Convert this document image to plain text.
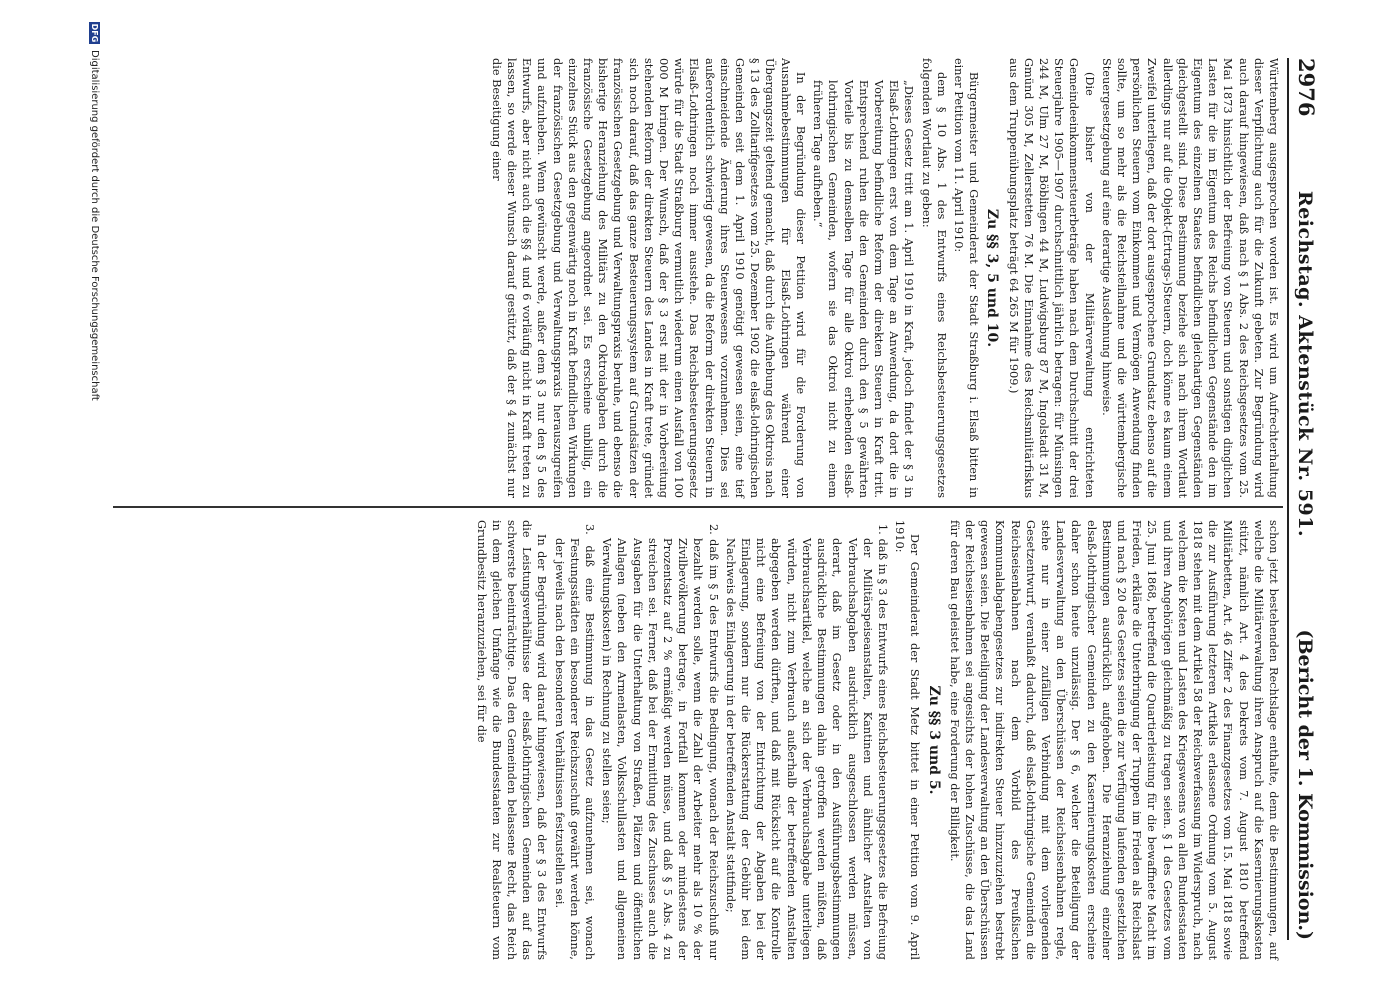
2976
Reichstag. Aktenstück Nr. 591.
(Bericht der 1. Kommission.)

Württemberg ausgesprochen worden ist. Es wird um Aufrechterhaltung dieser Verpflichtung auch für die Zukunft gebeten. Zur Begründung wird auch darauf hingewiesen, daß nach § 1 Abs. 2 des Reichsgesetzes vom 25. Mai 1873 hinsichtlich der Befreiung von Steuern und sonstigen dinglichen Lasten für die im Eigentum des Reichs befindlichen Gegenstände den im Eigentum des einzelnen Staates befindlichen gleichartigen Gegenständen gleichgestellt sind. Diese Bestimmung beziehe sich nach ihrem Wortlaut allerdings nur auf die Objekt-(Ertrags-)Steuern, doch könne es kaum einem Zweifel unterliegen, daß der dort ausgesprochene Grundsatz ebenso auf die persönlichen Steuern vom Einkommen und Vermögen Anwendung finden sollte, um so mehr als die Reichsteilnahme und die württembergische Steuergesetzgebung auf eine derartige Ausdehnung hinweise.

(Die bisher von der Militärverwaltung entrichteten Gemeindeeinkommensteuerbeträge haben nach dem Durchschnitt der drei Steuerjahre 1905—1907 durchschnittlich jährlich betragen: für Münsingen 244 M, Ulm 27 M, Böblingen 44 M, Ludwigsburg 87 M, Ingolstadt 31 M, Gmünd 305 M, Zellerstetten 76 M. Die Einnahme des Reichsmilitärfiskus aus dem Truppenübungsplatz beträgt 64 265 M für 1909.)

Zu §§ 3, 5 und 10.

Bürgermeister und Gemeinderat der Stadt Straßburg i. Elsaß bitten in einer Petition vom 11. April 1910:

dem § 10 Abs. 1 des Entwurfs eines Reichsbesteuerungsgesetzes folgenden Wortlaut zu geben:

„Dieses Gesetz tritt am 1. April 1910 in Kraft, jedoch findet der § 3 in Elsaß-Lothringen erst von dem Tage an Anwendung, da dort die in Vorbereitung befindliche Reform der direkten Steuern in Kraft tritt. Entsprechend ruhen die den Gemeinden durch den § 5 gewährten Vorteile bis zu demselben Tage für alle Oktroi erhebenden elsaß-lothringischen Gemeinden, wofern sie das Oktroi nicht zu einem früheren Tage aufheben.“

In der Begründung dieser Petition wird für die Forderung von Ausnahmebestimmungen für Elsaß-Lothringen während einer Übergangszeit geltend gemacht, daß durch die Aufhebung des Oktrois nach § 13 des Zolltarifgesetzes vom 25. Dezember 1902 die elsaß-lothringischen Gemeinden seit dem 1. April 1910 genötigt gewesen seien, eine tief einschneidende Änderung ihres Steuerwesens vorzunehmen. Dies sei außerordentlich schwierig gewesen, da die Reform der direkten Steuern in Elsaß-Lothringen noch immer ausstehe. Das Reichsbesteuerungsgesetz würde für die Stadt Straßburg vermutlich wiederum einen Ausfall von 100 000 M bringen. Der Wunsch, daß der § 3 erst mit der in Vorbereitung stehenden Reform der direkten Steuern des Landes in Kraft trete, gründet sich noch darauf, daß das ganze Besteuerungssystem auf Grundsätzen der französischen Gesetzgebung und Verwaltungspraxis beruhe, und ebenso die bisherige Heranziehung des Militärs zu den Oktroiabgaben durch die französische Gesetzgebung angeordnet sei. Es erscheine unbillig, ein einzelnes Stück aus den gegenwärtig noch in Kraft befindlichen Wirkungen der französischen Gesetzgebung und Verwaltungspraxis herauszugreifen und aufzuheben. Wenn gewünscht werde, außer dem § 3 nur den § 5 des Entwurfs, aber nicht auch die §§ 4 und 6 vorläufig nicht in Kraft treten zu lassen, so werde dieser Wunsch darauf gestützt, daß der § 4 zunächst nur die Beseitigung einer

schon jetzt bestehenden Rechtslage enthalte, denn die Bestimmungen, auf welche die Militärverwaltung ihren Anspruch auf die Kasernierungskosten stützt, nämlich Art. 4 des Dekrets vom 7. August 1810 betreffend Militärbetten, Art. 46 Ziffer 2 des Finanzgesetzes vom 15. Mai 1818 sowie die zur Ausführung letzteren Artikels erlassene Ordnung vom 5. August 1818 stehen mit dem Artikel 58 der Reichsverfassung im Widerspruch, nach welchem die Kosten und Lasten des Kriegswesens von allen Bundesstaaten und ihren Angehörigen gleichmäßig zu tragen seien. § 1 des Gesetzes vom 25. Juni 1868, betreffend die Quartierleistung für die bewaffnete Macht im Frieden, erkläre die Unterbringung der Truppen im Frieden als Reichslast und nach § 20 des Gesetzes seien die zur Verfügung laufenden gesetzlichen Bestimmungen ausdrücklich aufgehoben. Die Heranziehung einzelner elsaß-lothringischer Gemeinden zu den Kasernierungskosten erscheine daher schon heute unzulässig. Der § 6, welcher die Beteiligung der Landesverwaltung an den Überschüssen der Reichseisenbahnen regle, stehe nur in einer zufälligen Verbindung mit dem vorliegenden Gesetzentwurf, veranlaßt dadurch, daß elsaß-lothringische Gemeinden die Reichseisenbahnen nach dem Vorbild des Preußischen Kommunalabgabengesetzes zur indirekten Steuer hinzuzuziehen bestrebt gewesen seien. Die Beteiligung der Landesverwaltung an den Überschüssen der Reichseisenbahnen sei angesichts der hohen Zuschüsse, die das Land für deren Bau geleistet habe, eine Forderung der Billigkeit.

Zu §§ 3 und 5.

Der Gemeinderat der Stadt Metz bittet in einer Petition vom 9. April 1910:

1. daß in § 3 des Entwurfs eines Reichsbesteuerungsgesetzes die Befreiung der Militärspeiseanstalten, Kantinen und ähnlicher Anstalten von Verbrauchsabgaben ausdrücklich ausgeschlossen werden müssen, derart, daß im Gesetz oder in den Ausführungsbestimmungen ausdrückliche Bestimmungen dahin getroffen werden müßten, daß Verbrauchsartikel, welche an sich der Verbrauchsabgabe unterliegen würden, nicht zum Verbrauch außerhalb der betreffenden Anstalten abgegeben werden dürften, und daß mit Rücksicht auf die Kontrolle nicht eine Befreiung von der Entrichtung der Abgaben bei der Einlagerung, sondern nur die Rückerstattung der Gebühr bei dem Nachweis des Einlagerung in der betreffenden Anstalt stattfinde;

2. daß im § 5 des Entwurfs die Bedingung, wonach der Reichszuschuß nur bezahlt werden solle, wenn die Zahl der Arbeiter mehr als 10 % der Zivilbevölkerung betrage, in Fortfall kommen oder mindestens der Prozentsatz auf 2 % ermäßigt werden müsse, und daß § 5 Abs. 4 zu streichen sei. Ferner, daß bei der Ermittlung des Zuschusses auch die Ausgaben für die Unterhaltung von Straßen, Plätzen und öffentlichen Anlagen (neben den Armenlasten, Volksschullasten und allgemeinen Verwaltungskosten) in Rechnung zu stellen seien;

3. daß eine Bestimmung in das Gesetz aufzunehmen sei, wonach Festungsstädten ein besonderer Reichszuschuß gewährt werden könne, der jeweils nach den besonderen Verhältnissen festzustellen sei.

In der Begründung wird darauf hingewiesen, daß der § 3 des Entwurfs die Leistungsverhältnisse der elsaß-lothringischen Gemeinden auf das schwerste beeinträchtige. Das den Gemeinden belassene Recht, das Reich in dem gleichen Umfange wie die Bundesstaaten zur Realsteuern vom Grundbesitz heranzuziehen, sei für die

DFG
Digitalisierung gefördert durch die Deutsche Forschungsgemeinschaft
